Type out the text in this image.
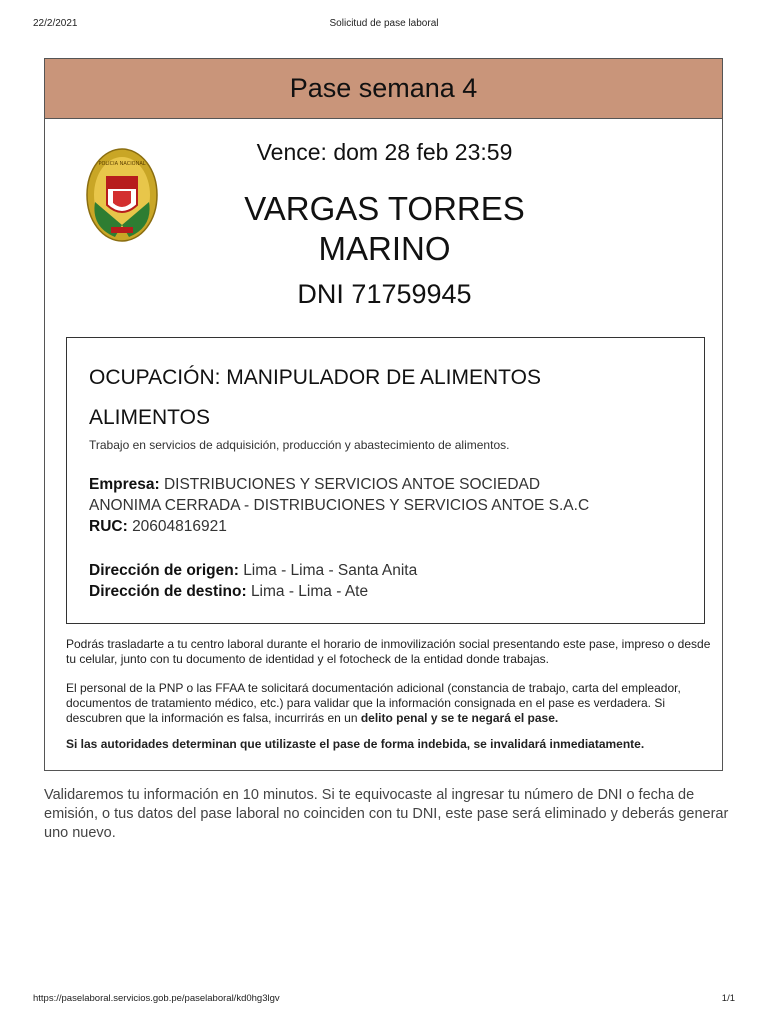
22/2/2021	Solicitud de pase laboral
Pase semana 4
POLICIA NACIONAL	Vence: dom 28 feb 23:59
VARGAS TORRES
MARINO
DNI 71759945
OCUPACIÓN: MANIPULADOR DE ALIMENTOS
ALIMENTOS
Trabajo en servicios de adquisición, producción y abastecimiento de alimentos.
Empresa: DISTRIBUCIONES Y SERVICIOS ANTOE SOCIEDAD
ANONIMA CERRADA - DISTRIBUCIONES Y SERVICIOS ANTOE S.A.C
RUC: 20604816921
Dirección de origen: Lima - Lima - Santa Anita
Dirección de destino: Lima - Lima - Ate
Podrás trasladarte a tu centro laboral durante el horario de inmovilización social presentando este pase, impreso o desde tu celular, junto con tu documento de identidad y el fotocheck de la entidad donde trabajas.
El personal de la PNP o las FFAA te solicitará documentación adicional (constancia de trabajo, carta del empleador, documentos de tratamiento médico, etc.) para validar que la información consignada en el pase es verdadera. Si descubren que la información es falsa, incurrirás en un delito penal y se te negará el pase.
Si las autoridades determinan que utilizaste el pase de forma indebida, se invalidará inmediatamente.
Validaremos tu información en 10 minutos. Si te equivocaste al ingresar tu número de DNI o fecha de emisión, o tus datos del pase laboral no coinciden con tu DNI, este pase será eliminado y deberás generar uno nuevo.
https://paselaboral.servicios.gob.pe/paselaboral/kd0hg3lgv	1/1
